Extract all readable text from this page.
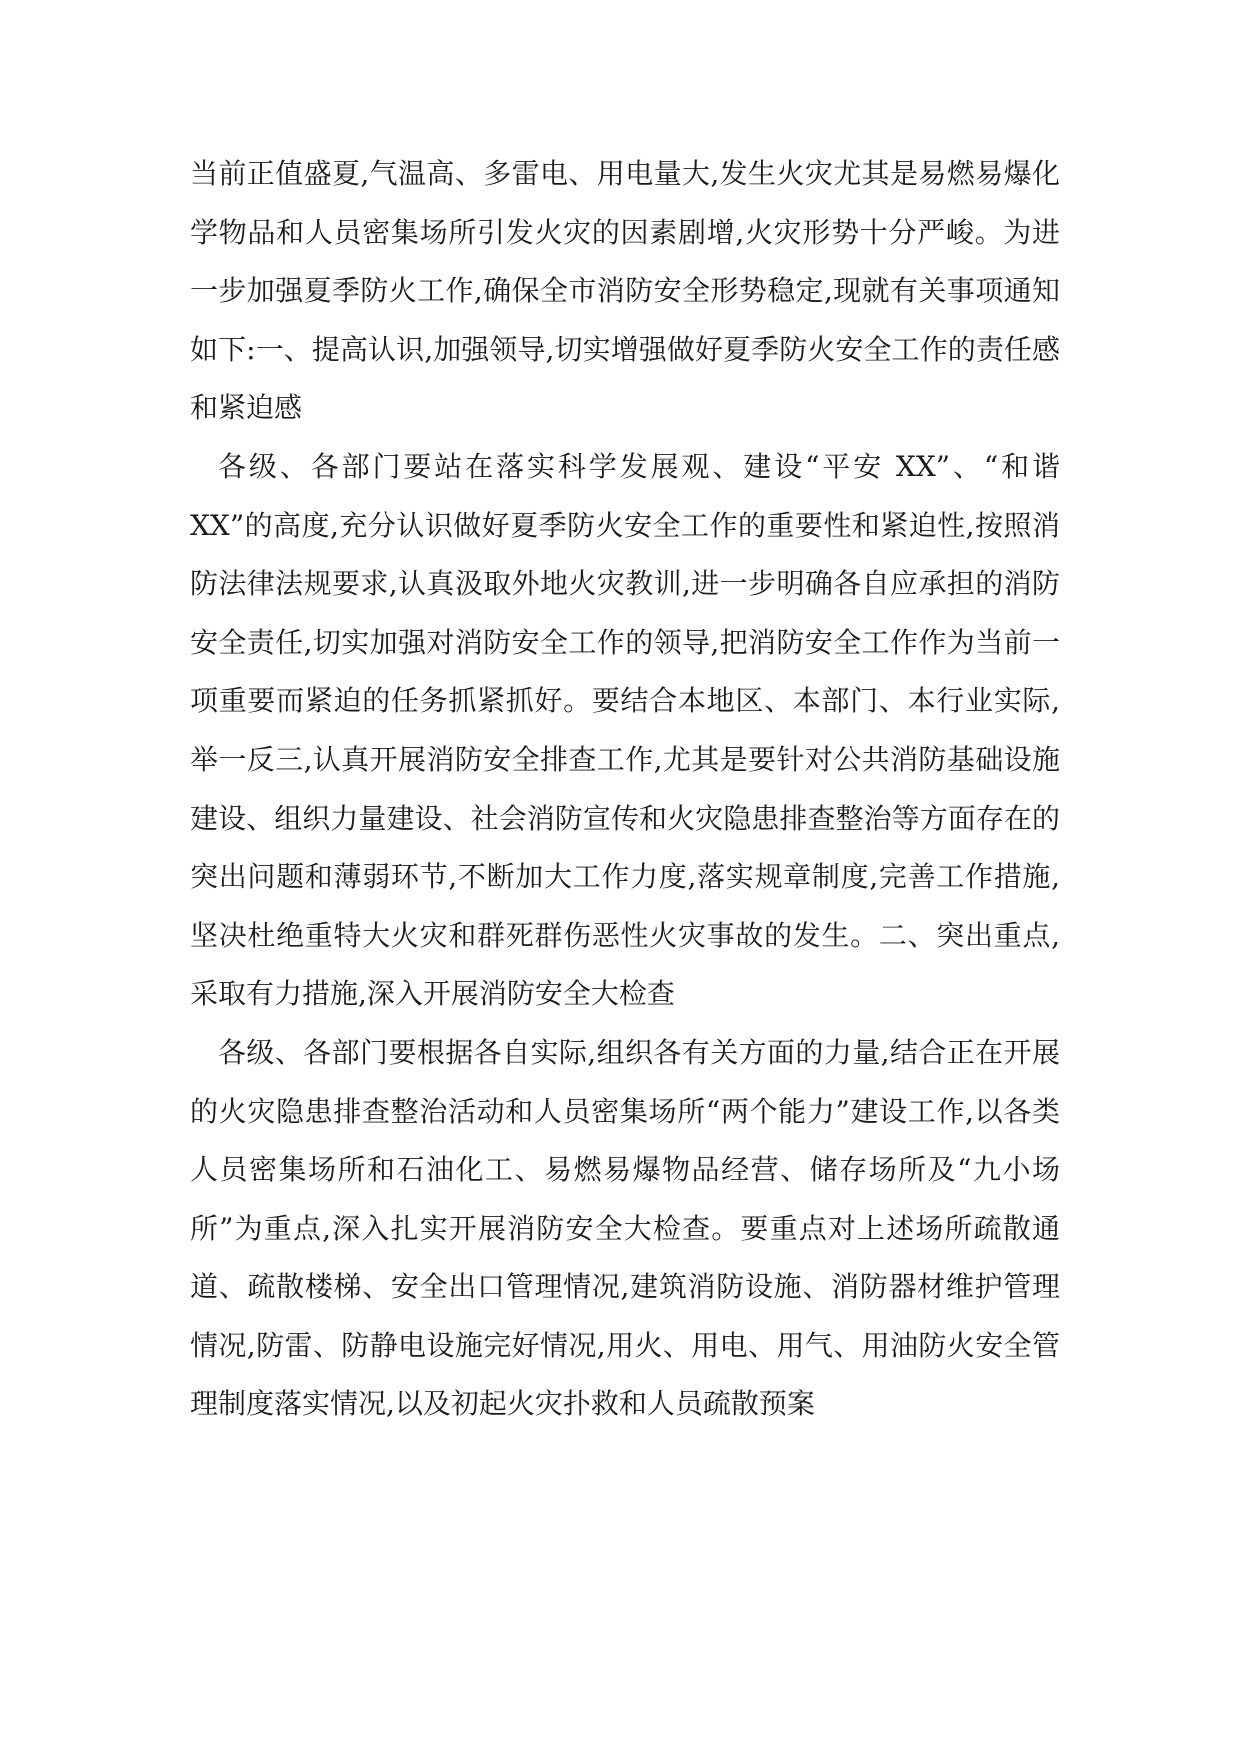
当前正值盛夏,气温高、多雷电、用电量大,发生火灾尤其是易燃易爆化学物品和人员密集场所引发火灾的因素剧增,火灾形势十分严峻。为进一步加强夏季防火工作,确保全市消防安全形势稳定,现就有关事项通知如下:一、提高认识,加强领导,切实增强做好夏季防火安全工作的责任感和紧迫感

各级、各部门要站在落实科学发展观、建设“平安 XX”、“和谐 XX”的高度,充分认识做好夏季防火安全工作的重要性和紧迫性,按照消防法律法规要求,认真汲取外地火灾教训,进一步明确各自应承担的消防安全责任,切实加强对消防安全工作的领导,把消防安全工作作为当前一项重要而紧迫的任务抓紧抓好。要结合本地区、本部门、本行业实际,举一反三,认真开展消防安全排查工作,尤其是要针对公共消防基础设施建设、组织力量建设、社会消防宣传和火灾隐患排查整治等方面存在的突出问题和薄弱环节,不断加大工作力度,落实规章制度,完善工作措施,坚决杜绝重特大火灾和群死群伤恶性火灾事故的发生。二、突出重点,采取有力措施,深入开展消防安全大检查

各级、各部门要根据各自实际,组织各有关方面的力量,结合正在开展的火灾隐患排查整治活动和人员密集场所“两个能力”建设工作,以各类人员密集场所和石油化工、易燃易爆物品经营、储存场所及“九小场所”为重点,深入扎实开展消防安全大检查。要重点对上述场所疏散通道、疏散楼梯、安全出口管理情况,建筑消防设施、消防器材维护管理情况,防雷、防静电设施完好情况,用火、用电、用气、用油防火安全管理制度落实情况,以及初起火灾扑救和人员疏散预案
